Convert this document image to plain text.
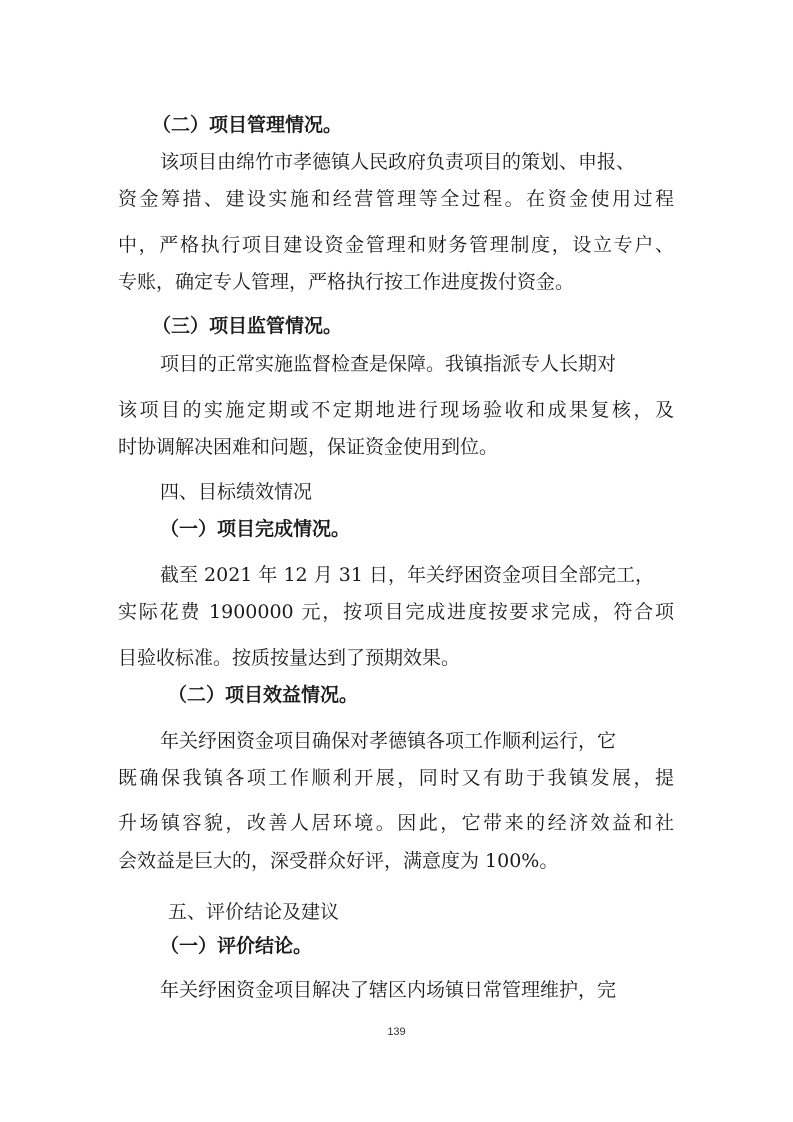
（二）项目管理情况。
该项目由绵竹市孝德镇人民政府负责项目的策划、申报、
资金筹措、建设实施和经营管理等全过程。在资金使用过程
中，严格执行项目建设资金管理和财务管理制度，设立专户、
专账，确定专人管理，严格执行按工作进度拨付资金。
（三）项目监管情况。
项目的正常实施监督检查是保障。我镇指派专人长期对
该项目的实施定期或不定期地进行现场验收和成果复核，及
时协调解决困难和问题，保证资金使用到位。
四、目标绩效情况
（一）项目完成情况。
截至 2021 年 12 月 31 日，年关纾困资金项目全部完工，
实际花费 1900000 元，按项目完成进度按要求完成，符合项
目验收标准。按质按量达到了预期效果。
（二）项目效益情况。
年关纾困资金项目确保对孝德镇各项工作顺利运行，它
既确保我镇各项工作顺利开展，同时又有助于我镇发展，提
升场镇容貌，改善人居环境。因此，它带来的经济效益和社
会效益是巨大的，深受群众好评，满意度为 100%。
五、评价结论及建议
（一）评价结论。
年关纾困资金项目解决了辖区内场镇日常管理维护，完
139
